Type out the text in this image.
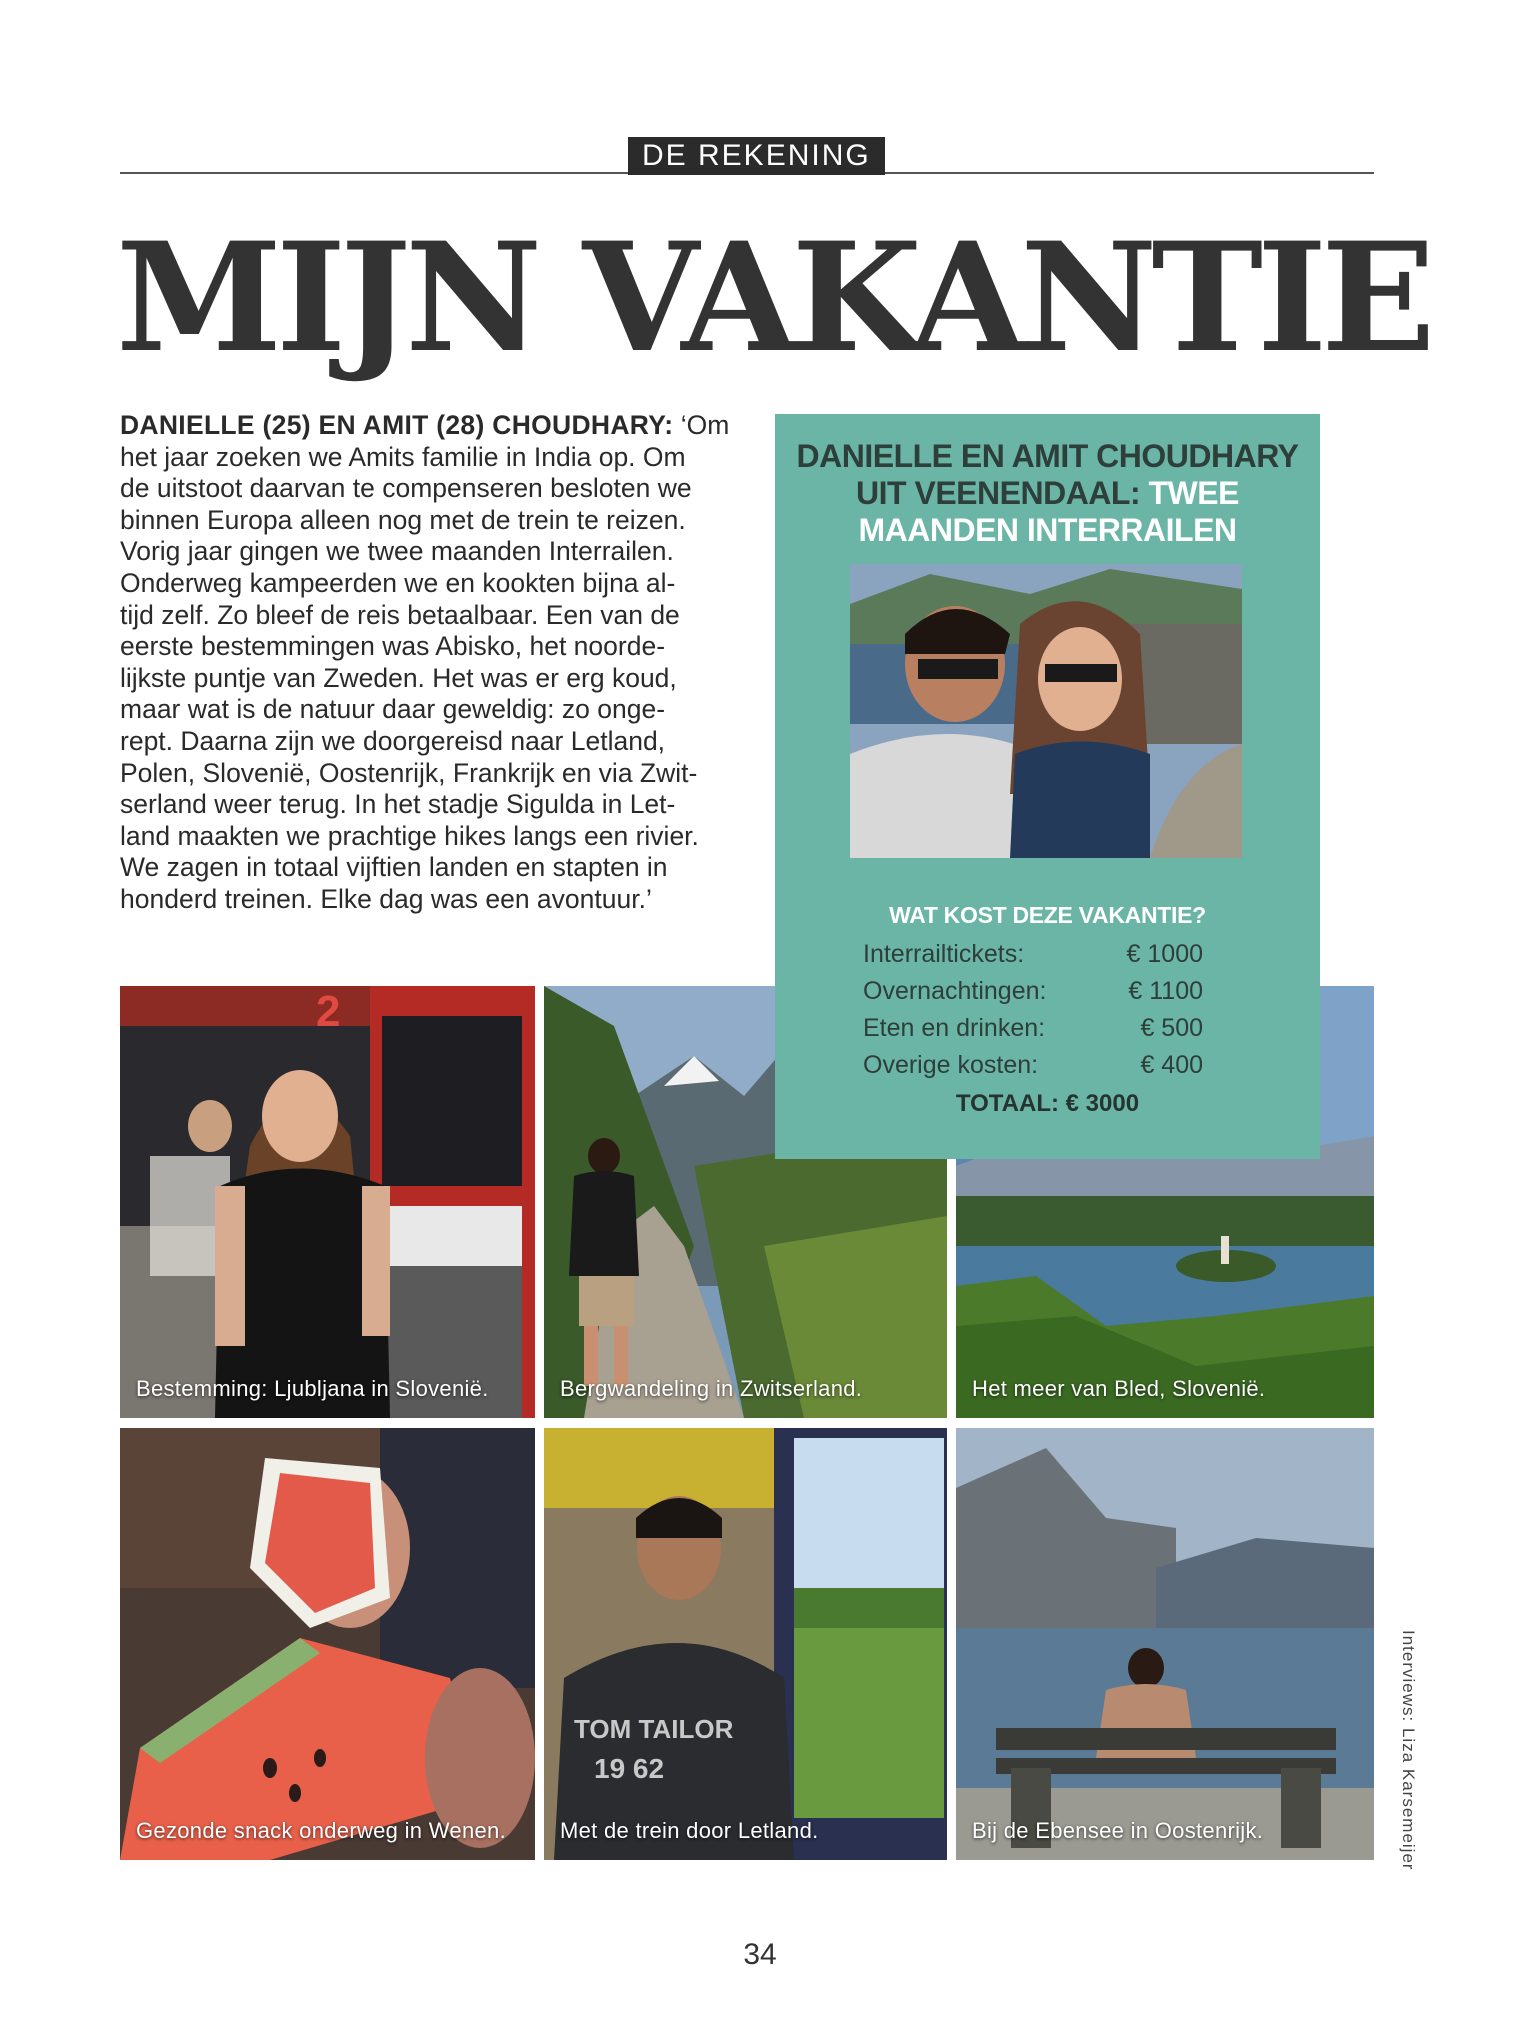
DE REKENING
MIJN VAKANTIE
DANIELLE (25) EN AMIT (28) CHOUDHARY: ‘Om
het jaar zoeken we Amits familie in India op. Om
de uitstoot daarvan te compenseren besloten we
binnen Europa alleen nog met de trein te reizen.
Vorig jaar gingen we twee maanden Interrailen.
Onderweg kampeerden we en kookten bijna al-
tijd zelf. Zo bleef de reis betaalbaar. Een van de
eerste bestemmingen was Abisko, het noorde-
lijkste puntje van Zweden. Het was er erg koud,
maar wat is de natuur daar geweldig: zo onge-
rept. Daarna zijn we doorgereisd naar Letland,
Polen, Slovenië, Oostenrijk, Frankrijk en via Zwit-
serland weer terug. In het stadje Sigulda in Let-
land maakten we prachtige hikes langs een rivier.
We zagen in totaal vijftien landen en stapten in
honderd treinen. Elke dag was een avontuur.’
2
Bestemming: Ljubljana in Slovenië.	Bergwandeling in Zwitserland.	Het meer van Bled, Slovenië.
Gezonde snack onderweg in Wenen.
TOM TAILOR
19 62
Met de trein door Letland.	Bij de Ebensee in Oostenrijk.
DANIELLE EN AMIT CHOUDHARY UIT VEENENDAAL: TWEE MAANDEN INTERRAILEN
WAT KOST DEZE VAKANTIE?
Interrailtickets:	€ 1000
Overnachtingen:	€ 1100
Eten en drinken:	€ 500
Overige kosten:	€ 400
TOTAAL: € 3000
Interviews: Liza Karsemeijer
34
